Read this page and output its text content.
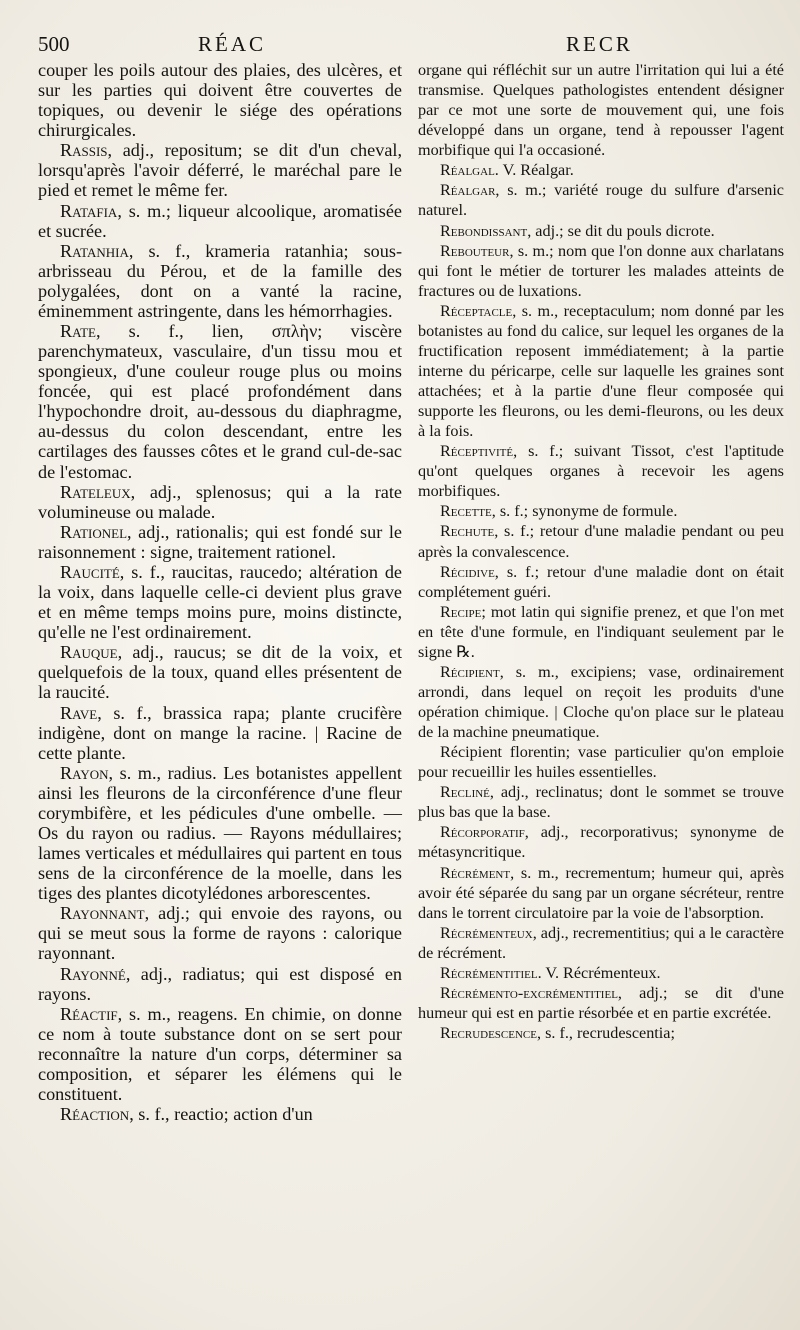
500	RÉAC	RECR

couper les poils autour des plaies, des ulcères, et sur les parties qui doivent être couvertes de topiques, ou devenir le siége des opérations chirurgicales.

Rassis, adj., repositum; se dit d'un cheval, lorsqu'après l'avoir déferré, le maréchal pare le pied et remet le même fer.

Ratafia, s. m.; liqueur alcoolique, aromatisée et sucrée.

Ratanhia, s. f., krameria ratanhia; sous-arbrisseau du Pérou, et de la famille des polygalées, dont on a vanté la racine, éminemment astringente, dans les hémorrhagies.

Rate, s. f., lien, σπλὴν; viscère parenchymateux, vasculaire, d'un tissu mou et spongieux, d'une couleur rouge plus ou moins foncée, qui est placé profondément dans l'hypochondre droit, au-dessous du diaphragme, au-dessus du colon descendant, entre les cartilages des fausses côtes et le grand cul-de-sac de l'estomac.

Rateleux, adj., splenosus; qui a la rate volumineuse ou malade.

Rationel, adj., rationalis; qui est fondé sur le raisonnement : signe, traitement rationel.

Raucité, s. f., raucitas, raucedo; altération de la voix, dans laquelle celle-ci devient plus grave et en même temps moins pure, moins distincte, qu'elle ne l'est ordinairement.

Rauque, adj., raucus; se dit de la voix, et quelquefois de la toux, quand elles présentent de la raucité.

Rave, s. f., brassica rapa; plante crucifère indigène, dont on mange la racine. | Racine de cette plante.

Rayon, s. m., radius. Les botanistes appellent ainsi les fleurons de la circonférence d'une fleur corymbifère, et les pédicules d'une ombelle. — Os du rayon ou radius. — Rayons médullaires; lames verticales et médullaires qui partent en tous sens de la circonférence de la moelle, dans les tiges des plantes dicotylédones arborescentes.

Rayonnant, adj.; qui envoie des rayons, ou qui se meut sous la forme de rayons : calorique rayonnant.

Rayonné, adj., radiatus; qui est disposé en rayons.

Réactif, s. m., reagens. En chimie, on donne ce nom à toute substance dont on se sert pour reconnaître la nature d'un corps, déterminer sa composition, et séparer les élémens qui le constituent.

Réaction, s. f., reactio; action d'un

organe qui réfléchit sur un autre l'irritation qui lui a été transmise. Quelques pathologistes entendent désigner par ce mot une sorte de mouvement qui, une fois développé dans un organe, tend à repousser l'agent morbifique qui l'a occasioné.

Réalgal. V. Réalgar.

Réalgar, s. m.; variété rouge du sulfure d'arsenic naturel.

Rebondissant, adj.; se dit du pouls dicrote.

Rebouteur, s. m.; nom que l'on donne aux charlatans qui font le métier de torturer les malades atteints de fractures ou de luxations.

Réceptacle, s. m., receptaculum; nom donné par les botanistes au fond du calice, sur lequel les organes de la fructification reposent immédiatement; à la partie interne du péricarpe, celle sur laquelle les graines sont attachées; et à la partie d'une fleur composée qui supporte les fleurons, ou les demi-fleurons, ou les deux à la fois.

Réceptivité, s. f.; suivant Tissot, c'est l'aptitude qu'ont quelques organes à recevoir les agens morbifiques.

Recette, s. f.; synonyme de formule.

Rechute, s. f.; retour d'une maladie pendant ou peu après la convalescence.

Récidive, s. f.; retour d'une maladie dont on était complétement guéri.

Recipe; mot latin qui signifie prenez, et que l'on met en tête d'une formule, en l'indiquant seulement par le signe ℞.

Récipient, s. m., excipiens; vase, ordinairement arrondi, dans lequel on reçoit les produits d'une opération chimique. | Cloche qu'on place sur le plateau de la machine pneumatique.

Récipient florentin; vase particulier qu'on emploie pour recueillir les huiles essentielles.

Recliné, adj., reclinatus; dont le sommet se trouve plus bas que la base.

Récorporatif, adj., recorporativus; synonyme de métasyncritique.

Récrément, s. m., recrementum; humeur qui, après avoir été séparée du sang par un organe sécréteur, rentre dans le torrent circulatoire par la voie de l'absorption.

Récrémenteux, adj., recrementitius; qui a le caractère de récrément.

Récrémentitiel. V. Récrémenteux.

Récrémento-excrémentitiel, adj.; se dit d'une humeur qui est en partie résorbée et en partie excrétée.

Recrudescence, s. f., recrudescentia;
